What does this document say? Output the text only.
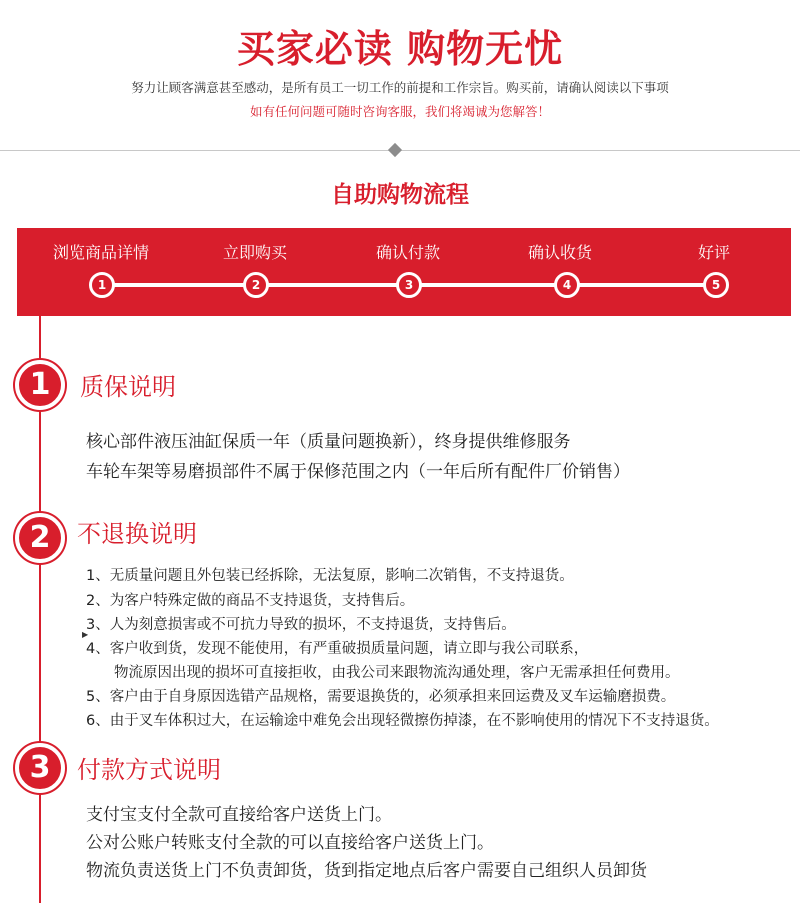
买家必读 购物无忧
努力让顾客满意甚至感动，是所有员工一切工作的前提和工作宗旨。购买前，请确认阅读以下事项
如有任何问题可随时咨询客服，我们将竭诚为您解答！
自助购物流程
浏览商品详情	立即购买	确认付款	确认收货	好评
1	2	3	4	5
1	质保说明
核心部件液压油缸保质一年（质量问题换新），终身提供维修服务
车轮车架等易磨损部件不属于保修范围之内（一年后所有配件厂价销售）
2	不退换说明
1、无质量问题且外包装已经拆除，无法复原，影响二次销售，不支持退货。
2、为客户特殊定做的商品不支持退货，支持售后。
3、人为刻意损害或不可抗力导致的损坏，不支持退货，支持售后。
▶
4、客户收到货，发现不能使用，有严重破损质量问题，请立即与我公司联系，
物流原因出现的损坏可直接拒收，由我公司来跟物流沟通处理，客户无需承担任何费用。
5、客户由于自身原因选错产品规格，需要退换货的，必须承担来回运费及叉车运输磨损费。
6、由于叉车体积过大，在运输途中难免会出现轻微擦伤掉漆，在不影响使用的情况下不支持退货。
3	付款方式说明
支付宝支付全款可直接给客户送货上门。
公对公账户转账支付全款的可以直接给客户送货上门。
物流负责送货上门不负责卸货，货到指定地点后客户需要自己组织人员卸货
